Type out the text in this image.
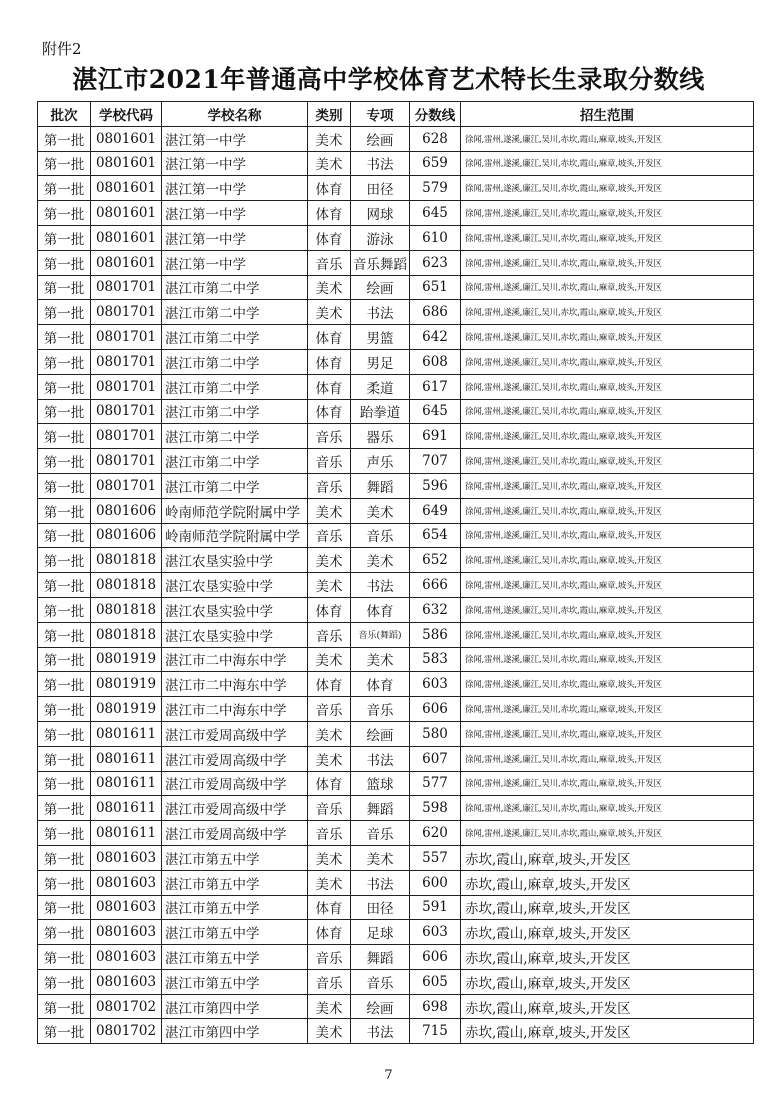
附件2
湛江市2021年普通高中学校体育艺术特长生录取分数线
批次	学校代码	学校名称	类别	专项	分数线	招生范围
第一批	0801601	湛江第一中学	美术	绘画	628	徐闻,雷州,遂溪,廉江,吴川,赤坎,霞山,麻章,坡头,开发区
第一批	0801601	湛江第一中学	美术	书法	659	徐闻,雷州,遂溪,廉江,吴川,赤坎,霞山,麻章,坡头,开发区
第一批	0801601	湛江第一中学	体育	田径	579	徐闻,雷州,遂溪,廉江,吴川,赤坎,霞山,麻章,坡头,开发区
第一批	0801601	湛江第一中学	体育	网球	645	徐闻,雷州,遂溪,廉江,吴川,赤坎,霞山,麻章,坡头,开发区
第一批	0801601	湛江第一中学	体育	游泳	610	徐闻,雷州,遂溪,廉江,吴川,赤坎,霞山,麻章,坡头,开发区
第一批	0801601	湛江第一中学	音乐	音乐舞蹈	623	徐闻,雷州,遂溪,廉江,吴川,赤坎,霞山,麻章,坡头,开发区
第一批	0801701	湛江市第二中学	美术	绘画	651	徐闻,雷州,遂溪,廉江,吴川,赤坎,霞山,麻章,坡头,开发区
第一批	0801701	湛江市第二中学	美术	书法	686	徐闻,雷州,遂溪,廉江,吴川,赤坎,霞山,麻章,坡头,开发区
第一批	0801701	湛江市第二中学	体育	男篮	642	徐闻,雷州,遂溪,廉江,吴川,赤坎,霞山,麻章,坡头,开发区
第一批	0801701	湛江市第二中学	体育	男足	608	徐闻,雷州,遂溪,廉江,吴川,赤坎,霞山,麻章,坡头,开发区
第一批	0801701	湛江市第二中学	体育	柔道	617	徐闻,雷州,遂溪,廉江,吴川,赤坎,霞山,麻章,坡头,开发区
第一批	0801701	湛江市第二中学	体育	跆拳道	645	徐闻,雷州,遂溪,廉江,吴川,赤坎,霞山,麻章,坡头,开发区
第一批	0801701	湛江市第二中学	音乐	器乐	691	徐闻,雷州,遂溪,廉江,吴川,赤坎,霞山,麻章,坡头,开发区
第一批	0801701	湛江市第二中学	音乐	声乐	707	徐闻,雷州,遂溪,廉江,吴川,赤坎,霞山,麻章,坡头,开发区
第一批	0801701	湛江市第二中学	音乐	舞蹈	596	徐闻,雷州,遂溪,廉江,吴川,赤坎,霞山,麻章,坡头,开发区
第一批	0801606	岭南师范学院附属中学	美术	美术	649	徐闻,雷州,遂溪,廉江,吴川,赤坎,霞山,麻章,坡头,开发区
第一批	0801606	岭南师范学院附属中学	音乐	音乐	654	徐闻,雷州,遂溪,廉江,吴川,赤坎,霞山,麻章,坡头,开发区
第一批	0801818	湛江农垦实验中学	美术	美术	652	徐闻,雷州,遂溪,廉江,吴川,赤坎,霞山,麻章,坡头,开发区
第一批	0801818	湛江农垦实验中学	美术	书法	666	徐闻,雷州,遂溪,廉江,吴川,赤坎,霞山,麻章,坡头,开发区
第一批	0801818	湛江农垦实验中学	体育	体育	632	徐闻,雷州,遂溪,廉江,吴川,赤坎,霞山,麻章,坡头,开发区
第一批	0801818	湛江农垦实验中学	音乐	音乐(舞蹈)	586	徐闻,雷州,遂溪,廉江,吴川,赤坎,霞山,麻章,坡头,开发区
第一批	0801919	湛江市二中海东中学	美术	美术	583	徐闻,雷州,遂溪,廉江,吴川,赤坎,霞山,麻章,坡头,开发区
第一批	0801919	湛江市二中海东中学	体育	体育	603	徐闻,雷州,遂溪,廉江,吴川,赤坎,霞山,麻章,坡头,开发区
第一批	0801919	湛江市二中海东中学	音乐	音乐	606	徐闻,雷州,遂溪,廉江,吴川,赤坎,霞山,麻章,坡头,开发区
第一批	0801611	湛江市爱周高级中学	美术	绘画	580	徐闻,雷州,遂溪,廉江,吴川,赤坎,霞山,麻章,坡头,开发区
第一批	0801611	湛江市爱周高级中学	美术	书法	607	徐闻,雷州,遂溪,廉江,吴川,赤坎,霞山,麻章,坡头,开发区
第一批	0801611	湛江市爱周高级中学	体育	篮球	577	徐闻,雷州,遂溪,廉江,吴川,赤坎,霞山,麻章,坡头,开发区
第一批	0801611	湛江市爱周高级中学	音乐	舞蹈	598	徐闻,雷州,遂溪,廉江,吴川,赤坎,霞山,麻章,坡头,开发区
第一批	0801611	湛江市爱周高级中学	音乐	音乐	620	徐闻,雷州,遂溪,廉江,吴川,赤坎,霞山,麻章,坡头,开发区
第一批	0801603	湛江市第五中学	美术	美术	557	赤坎,霞山,麻章,坡头,开发区
第一批	0801603	湛江市第五中学	美术	书法	600	赤坎,霞山,麻章,坡头,开发区
第一批	0801603	湛江市第五中学	体育	田径	591	赤坎,霞山,麻章,坡头,开发区
第一批	0801603	湛江市第五中学	体育	足球	603	赤坎,霞山,麻章,坡头,开发区
第一批	0801603	湛江市第五中学	音乐	舞蹈	606	赤坎,霞山,麻章,坡头,开发区
第一批	0801603	湛江市第五中学	音乐	音乐	605	赤坎,霞山,麻章,坡头,开发区
第一批	0801702	湛江市第四中学	美术	绘画	698	赤坎,霞山,麻章,坡头,开发区
第一批	0801702	湛江市第四中学	美术	书法	715	赤坎,霞山,麻章,坡头,开发区
7
